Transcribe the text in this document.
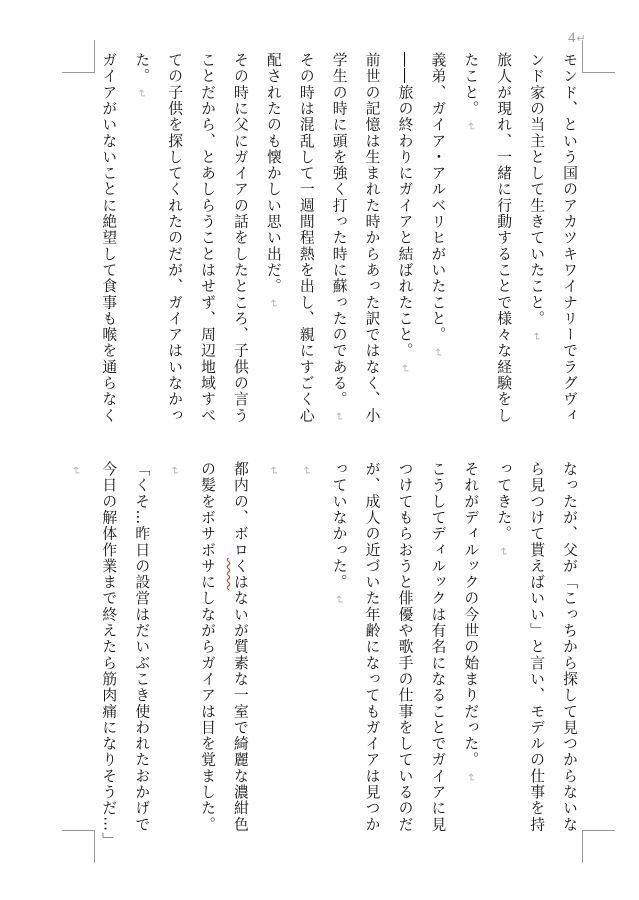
4↵

モンド、という国のアカツキワイナリーでラグヴィンド家の当主として生きていたこと。↵

旅人が現れ、一緒に行動することで様々な経験をしたこと。↵

義弟、ガイア・アルベリヒがいたこと。↵

――旅の終わりにガイアと結ばれたこと。↵

前世の記憶は生まれた時からあった訳ではなく、小学生の時に頭を強く打った時に蘇ったのである。↵

その時は混乱して一週間程熱を出し、親にすごく心配されたのも懐かしい思い出だ。↵

その時に父にガイアの話をしたところ、子供の言うことだから、とあしらうことはせず、周辺地域すべての子供を探してくれたのだが、ガイアはいなかった。↵

ガイアがいないことに絶望して食事も喉を通らなく

なったが、父が「こっちから探して見つからないなら見つけて貰えばいい」と言い、モデルの仕事を持ってきた。↵

それがディルックの今世の始まりだった。↵

こうしてディルックは有名になることでガイアに見つけてもらおうと俳優や歌手の仕事をしているのだが、成人の近づいた年齢になってもガイアは見つかっていなかった。↵

↵

↵

都内の、ボロくはないが質素な一室で綺麗な濃紺色の髪をボサボサにしながらガイアは目を覚ました。↵

「くそ…昨日の設営はだいぶこき使われたおかげで今日の解体作業まで終えたら筋肉痛になりそうだ…」↵
